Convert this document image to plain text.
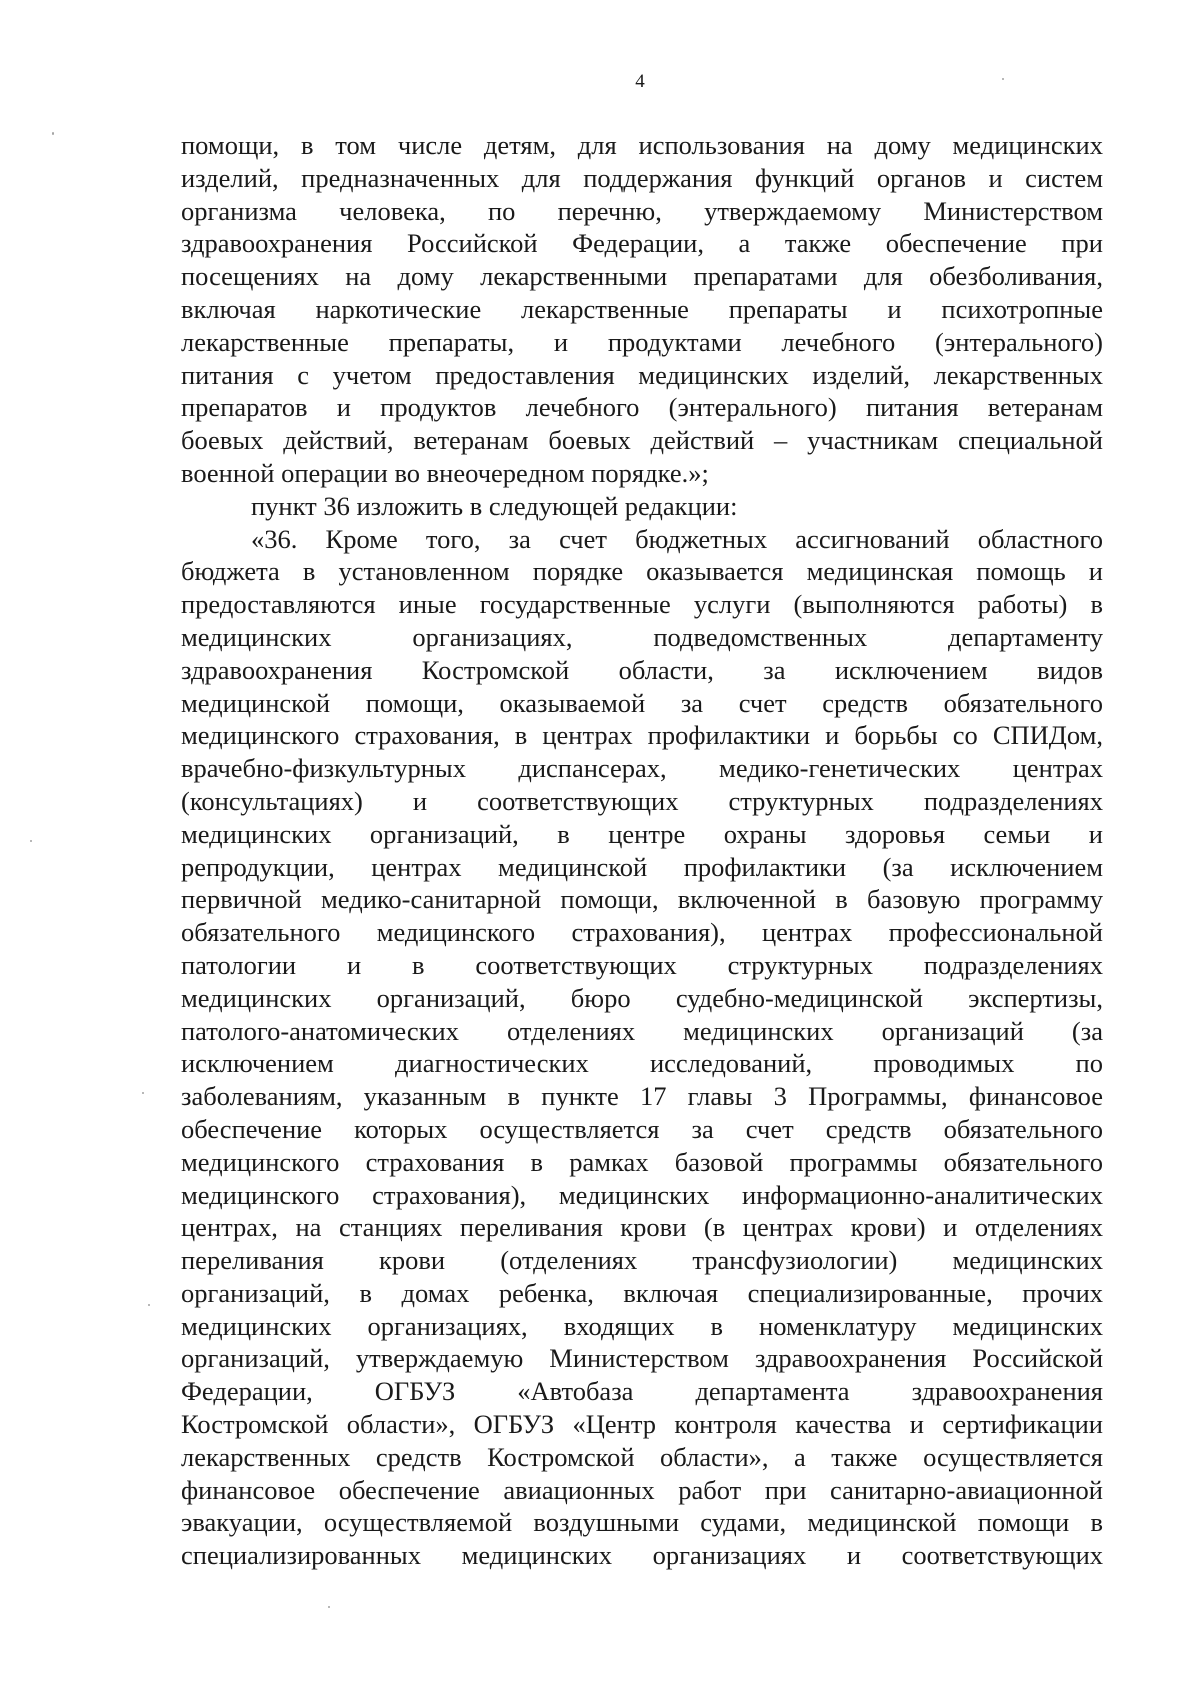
4
помощи, в том числе детям, для использования на дому медицинских
изделий, предназначенных для поддержания функций органов и систем
организма человека, по перечню, утверждаемому Министерством
здравоохранения Российской Федерации, а также обеспечение при
посещениях на дому лекарственными препаратами для обезболивания,
включая наркотические лекарственные препараты и психотропные
лекарственные препараты, и продуктами лечебного (энтерального)
питания с учетом предоставления медицинских изделий, лекарственных
препаратов и продуктов лечебного (энтерального) питания ветеранам
боевых действий, ветеранам боевых действий – участникам специальной
военной операции во внеочередном порядке.»;
пункт 36 изложить в следующей редакции:
«36. Кроме того, за счет бюджетных ассигнований областного
бюджета в установленном порядке оказывается медицинская помощь и
предоставляются иные государственные услуги (выполняются работы) в
медицинских организациях, подведомственных департаменту
здравоохранения Костромской области, за исключением видов
медицинской помощи, оказываемой за счет средств обязательного
медицинского страхования, в центрах профилактики и борьбы со СПИДом,
врачебно-физкультурных диспансерах, медико-генетических центрах
(консультациях) и соответствующих структурных подразделениях
медицинских организаций, в центре охраны здоровья семьи и
репродукции, центрах медицинской профилактики (за исключением
первичной медико-санитарной помощи, включенной в базовую программу
обязательного медицинского страхования), центрах профессиональной
патологии и в соответствующих структурных подразделениях
медицинских организаций, бюро судебно-медицинской экспертизы,
патолого-анатомических отделениях медицинских организаций (за
исключением диагностических исследований, проводимых по
заболеваниям, указанным в пункте 17 главы 3 Программы, финансовое
обеспечение которых осуществляется за счет средств обязательного
медицинского страхования в рамках базовой программы обязательного
медицинского страхования), медицинских информационно-аналитических
центрах, на станциях переливания крови (в центрах крови) и отделениях
переливания крови (отделениях трансфузиологии) медицинских
организаций, в домах ребенка, включая специализированные, прочих
медицинских организациях, входящих в номенклатуру медицинских
организаций, утверждаемую Министерством здравоохранения Российской
Федерации, ОГБУЗ «Автобаза департамента здравоохранения
Костромской области», ОГБУЗ «Центр контроля качества и сертификации
лекарственных средств Костромской области», а также осуществляется
финансовое обеспечение авиационных работ при санитарно-авиационной
эвакуации, осуществляемой воздушными судами, медицинской помощи в
специализированных медицинских организациях и соответствующих
